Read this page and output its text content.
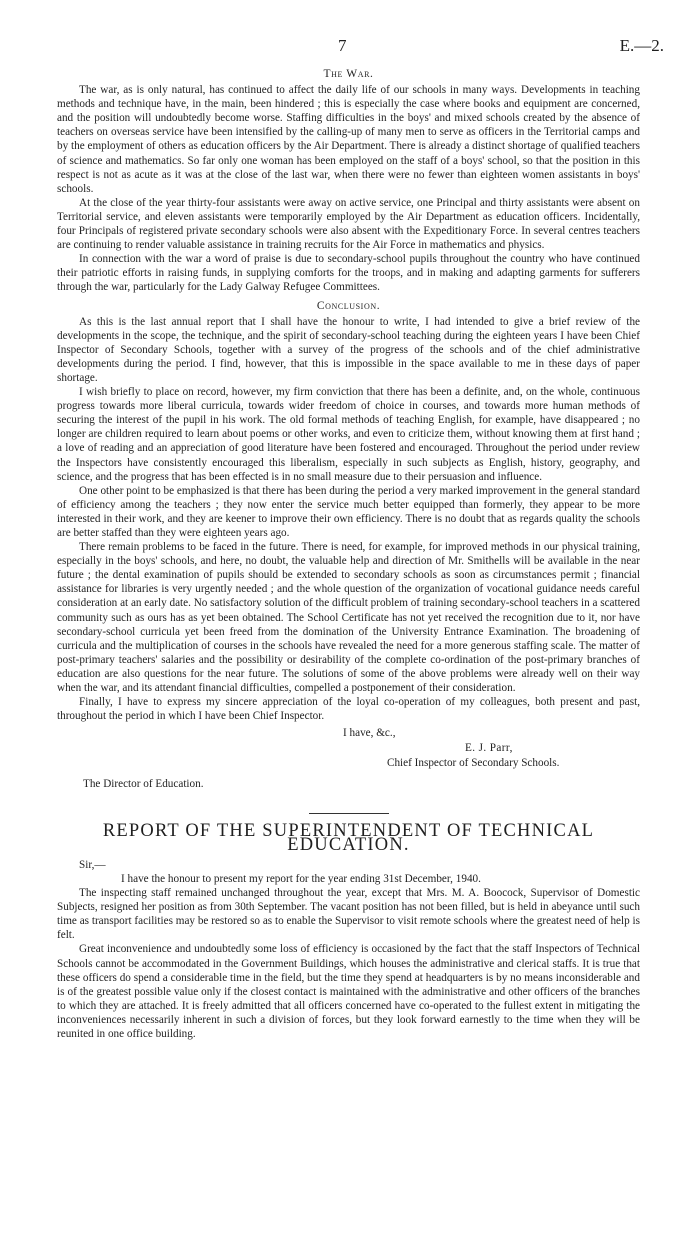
7	E.—2.
The War.

The war, as is only natural, has continued to affect the daily life of our schools in many ways. Developments in teaching methods and technique have, in the main, been hindered ; this is especially the case where books and equipment are concerned, and the position will undoubtedly become worse. Staffing difficulties in the boys' and mixed schools created by the absence of teachers on overseas service have been intensified by the calling-up of many men to serve as officers in the Territorial camps and by the employment of others as education officers by the Air Department. There is already a distinct shortage of qualified teachers of science and mathematics. So far only one woman has been employed on the staff of a boys' school, so that the position in this respect is not as acute as it was at the close of the last war, when there were no fewer than eighteen women assistants in boys' schools.

At the close of the year thirty-four assistants were away on active service, one Principal and thirty assistants were absent on Territorial service, and eleven assistants were temporarily employed by the Air Department as education officers. Incidentally, four Principals of registered private secondary schools were also absent with the Expeditionary Force. In several centres teachers are continuing to render valuable assistance in training recruits for the Air Force in mathematics and physics.

In connection with the war a word of praise is due to secondary-school pupils throughout the country who have continued their patriotic efforts in raising funds, in supplying comforts for the troops, and in making and adapting garments for sufferers through the war, particularly for the Lady Galway Refugee Committees.

Conclusion.

As this is the last annual report that I shall have the honour to write, I had intended to give a brief review of the developments in the scope, the technique, and the spirit of secondary-school teaching during the eighteen years I have been Chief Inspector of Secondary Schools, together with a survey of the progress of the schools and of the chief administrative developments during the period. I find, however, that this is impossible in the space available to me in these days of paper shortage.

I wish briefly to place on record, however, my firm conviction that there has been a definite, and, on the whole, continuous progress towards more liberal curricula, towards wider freedom of choice in courses, and towards more human methods of securing the interest of the pupil in his work. The old formal methods of teaching English, for example, have disappeared ; no longer are children required to learn about poems or other works, and even to criticize them, without knowing them at first hand ; a love of reading and an appreciation of good literature have been fostered and encouraged. Throughout the period under review the Inspectors have consistently encouraged this liberalism, especially in such subjects as English, history, geography, and science, and the progress that has been effected is in no small measure due to their persuasion and influence.

One other point to be emphasized is that there has been during the period a very marked improvement in the general standard of efficiency among the teachers ; they now enter the service much better equipped than formerly, they appear to be more interested in their work, and they are keener to improve their own efficiency. There is no doubt that as regards quality the schools are better staffed than they were eighteen years ago.

There remain problems to be faced in the future. There is need, for example, for improved methods in our physical training, especially in the boys' schools, and here, no doubt, the valuable help and direction of Mr. Smithells will be available in the near future ; the dental examination of pupils should be extended to secondary schools as soon as circumstances permit ; financial assistance for libraries is very urgently needed ; and the whole question of the organization of vocational guidance needs careful consideration at an early date. No satisfactory solution of the difficult problem of training secondary-school teachers in a scattered community such as ours has as yet been obtained. The School Certificate has not yet received the recognition due to it, nor have secondary-school curricula yet been freed from the domination of the University Entrance Examination. The broadening of curricula and the multiplication of courses in the schools have revealed the need for a more generous staffing scale. The matter of post-primary teachers' salaries and the possibility or desirability of the complete co-ordination of the post-primary branches of education are also questions for the near future. The solutions of some of the above problems were already well on their way when the war, and its attendant financial difficulties, compelled a postponement of their consideration.

Finally, I have to express my sincere appreciation of the loyal co-operation of my colleagues, both present and past, throughout the period in which I have been Chief Inspector.

I have, &c.,
E. J. Parr,
Chief Inspector of Secondary Schools.
The Director of Education.
REPORT OF THE SUPERINTENDENT OF TECHNICAL EDUCATION.

Sir,—

I have the honour to present my report for the year ending 31st December, 1940.

The inspecting staff remained unchanged throughout the year, except that Mrs. M. A. Boocock, Supervisor of Domestic Subjects, resigned her position as from 30th September. The vacant position has not been filled, but is held in abeyance until such time as transport facilities may be restored so as to enable the Supervisor to visit remote schools where the greatest need of help is felt.

Great inconvenience and undoubtedly some loss of efficiency is occasioned by the fact that the staff Inspectors of Technical Schools cannot be accommodated in the Government Buildings, which houses the administrative and clerical staffs. It is true that these officers do spend a considerable time in the field, but the time they spend at headquarters is by no means inconsiderable and is of the greatest possible value only if the closest contact is maintained with the administrative and other officers of the branches to which they are attached. It is freely admitted that all officers concerned have co-operated to the fullest extent in mitigating the inconveniences necessarily inherent in such a division of forces, but they look forward earnestly to the time when they will be reunited in one office building.
